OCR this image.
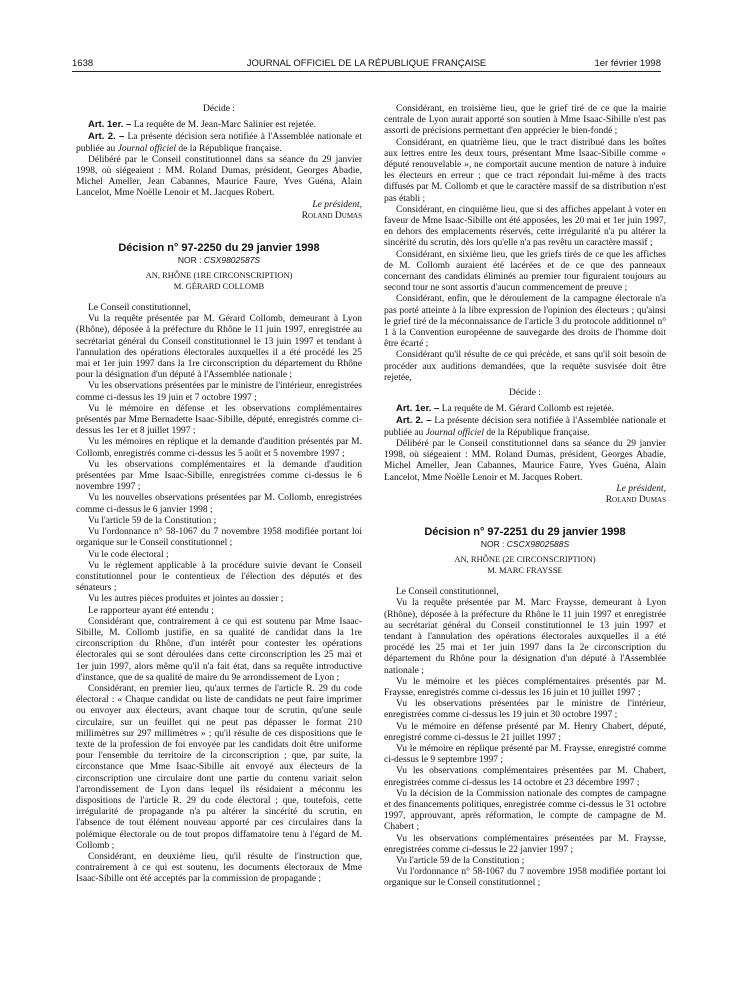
1638	JOURNAL OFFICIEL DE LA RÉPUBLIQUE FRANÇAISE	1er février 1998

Décide :

Art. 1er. – La requête de M. Jean-Marc Salinier est rejetée.

Art. 2. – La présente décision sera notifiée à l'Assemblée nationale et publiée au Journal officiel de la République française.

Délibéré par le Conseil constitutionnel dans sa séance du 29 janvier 1998, où siégeaient : MM. Roland Dumas, président, Georges Abadie, Michel Ameller, Jean Cabannes, Maurice Faure, Yves Guéna, Alain Lancelot, Mme Noëlle Lenoir et M. Jacques Robert.

Le président,

Roland Dumas

Décision n° 97-2250 du 29 janvier 1998

NOR : CSX9802587S

AN, RHÔNE (1RE CIRCONSCRIPTION)

M. GÉRARD COLLOMB

Le Conseil constitutionnel,

Vu la requête présentée par M. Gérard Collomb, demeurant à Lyon (Rhône), déposée à la préfecture du Rhône le 11 juin 1997, enregistrée au secrétariat général du Conseil constitutionnel le 13 juin 1997 et tendant à l'annulation des opérations électorales auxquelles il a été procédé les 25 mai et 1er juin 1997 dans la 1re circonscription du département du Rhône pour la désignation d'un député à l'Assemblée nationale ;

Vu les observations présentées par le ministre de l'intérieur, enregistrées comme ci-dessus les 19 juin et 7 octobre 1997 ;

Vu le mémoire en défense et les observations complémentaires présentés par Mme Bernadette Isaac-Sibille, député, enregistrés comme ci-dessus les 1er et 8 juillet 1997 ;

Vu les mémoires en réplique et la demande d'audition présentés par M. Collomb, enregistrés comme ci-dessus les 5 août et 5 novembre 1997 ;

Vu les observations complémentaires et la demande d'audition présentées par Mme Isaac-Sibille, enregistrées comme ci-dessus le 6 novembre 1997 ;

Vu les nouvelles observations présentées par M. Collomb, enregistrées comme ci-dessus le 6 janvier 1998 ;

Vu l'article 59 de la Constitution ;

Vu l'ordonnance n° 58-1067 du 7 novembre 1958 modifiée portant loi organique sur le Conseil constitutionnel ;

Vu le code électoral ;

Vu le règlement applicable à la procédure suivie devant le Conseil constitutionnel pour le contentieux de l'élection des députés et des sénateurs ;

Vu les autres pièces produites et jointes au dossier ;

Le rapporteur ayant été entendu ;

Considérant que, contrairement à ce qui est soutenu par Mme Isaac-Sibille, M. Collomb justifie, en sa qualité de candidat dans la 1re circonscription du Rhône, d'un intérêt pour contester les opérations électorales qui se sont déroulées dans cette circonscription les 25 mai et 1er juin 1997, alors même qu'il n'a fait état, dans sa requête introductive d'instance, que de sa qualité de maire du 9e arrondissement de Lyon ;

Considérant, en premier lieu, qu'aux termes de l'article R. 29 du code électoral : « Chaque candidat ou liste de candidats ne peut faire imprimer ou envoyer aux électeurs, avant chaque tour de scrutin, qu'une seule circulaire, sur un feuillet qui ne peut pas dépasser le format 210 millimètres sur 297 millimètres » ; qu'il résulte de ces dispositions que le texte de la profession de foi envoyée par les candidats doit être uniforme pour l'ensemble du territoire de la circonscription ; que, par suite, la circonstance que Mme Isaac-Sibille ait envoyé aux électeurs de la circonscription une circulaire dont une partie du contenu variait selon l'arrondissement de Lyon dans lequel ils résidaient a méconnu les dispositions de l'article R. 29 du code électoral ; que, toutefois, cette irrégularité de propagande n'a pu altérer la sincérité du scrutin, en l'absence de tout élément nouveau apporté par ces circulaires dans la polémique électorale ou de tout propos diffamatoire tenu à l'égard de M. Collomb ;

Considérant, en deuxième lieu, qu'il résulte de l'instruction que, contrairement à ce qui est soutenu, les documents électoraux de Mme Isaac-Sibille ont été acceptés par la commission de propagande ;

Considérant, en troisième lieu, que le grief tiré de ce que la mairie centrale de Lyon aurait apporté son soutien à Mme Isaac-Sibille n'est pas assorti de précisions permettant d'en apprécier le bien-fondé ;

Considérant, en quatrième lieu, que le tract distribué dans les boîtes aux lettres entre les deux tours, présentant Mme Isaac-Sibille comme « député renouvelable », ne comportait aucune mention de nature à induire les électeurs en erreur ; que ce tract répondait lui-même à des tracts diffusés par M. Collomb et que le caractère massif de sa distribution n'est pas établi ;

Considérant, en cinquième lieu, que si des affiches appelant à voter en faveur de Mme Isaac-Sibille ont été apposées, les 20 mai et 1er juin 1997, en dehors des emplacements réservés, cette irrégularité n'a pu altérer la sincérité du scrutin, dès lors qu'elle n'a pas revêtu un caractère massif ;

Considérant, en sixième lieu, que les griefs tirés de ce que les affiches de M. Collomb auraient été lacérées et de ce que des panneaux concernant des candidats éliminés au premier tour figuraient toujours au second tour ne sont assortis d'aucun commencement de preuve ;

Considérant, enfin, que le déroulement de la campagne électorale n'a pas porté atteinte à la libre expression de l'opinion des électeurs ; qu'ainsi le grief tiré de la méconnaissance de l'article 3 du protocole additionnel n° 1 à la Convention européenne de sauvegarde des droits de l'homme doit être écarté ;

Considérant qu'il résulte de ce qui précède, et sans qu'il soit besoin de procéder aux auditions demandées, que la requête susvisée doit être rejetée,

Décide :

Art. 1er. – La requête de M. Gérard Collomb est rejetée.

Art. 2. – La présente décision sera notifiée à l'Assemblée nationale et publiée au Journal officiel de la République française.

Délibéré par le Conseil constitutionnel dans sa séance du 29 janvier 1998, où siégeaient : MM. Roland Dumas, président, Georges Abadie, Michel Ameller, Jean Cabannes, Maurice Faure, Yves Guéna, Alain Lancelot, Mme Noëlle Lenoir et M. Jacques Robert.

Le président,

Roland Dumas

Décision n° 97-2251 du 29 janvier 1998

NOR : CSCX9802588S

AN, RHÔNE (2E CIRCONSCRIPTION)

M. MARC FRAYSSE

Le Conseil constitutionnel,

Vu la requête présentée par M. Marc Fraysse, demeurant à Lyon (Rhône), déposée à la préfecture du Rhône le 11 juin 1997 et enregistrée au secrétariat général du Conseil constitutionnel le 13 juin 1997 et tendant à l'annulation des opérations électorales auxquelles il a été procédé les 25 mai et 1er juin 1997 dans la 2e circonscription du département du Rhône pour la désignation d'un député à l'Assemblée nationale ;

Vu le mémoire et les pièces complémentaires présentés par M. Fraysse, enregistrés comme ci-dessus les 16 juin et 10 juillet 1997 ;

Vu les observations présentées par le ministre de l'intérieur, enregistrées comme ci-dessus les 19 juin et 30 octobre 1997 ;

Vu le mémoire en défense présenté par M. Henry Chabert, député, enregistré comme ci-dessus le 21 juillet 1997 ;

Vu le mémoire en réplique présenté par M. Fraysse, enregistré comme ci-dessus le 9 septembre 1997 ;

Vu les observations complémentaires présentées par M. Chabert, enregistrées comme ci-dessus les 14 octobre et 23 décembre 1997 ;

Vu la décision de la Commission nationale des comptes de campagne et des financements politiques, enregistrée comme ci-dessus le 31 octobre 1997, approuvant, après réformation, le compte de campagne de M. Chabert ;

Vu les observations complémentaires présentées par M. Fraysse, enregistrées comme ci-dessus le 22 janvier 1997 ;

Vu l'article 59 de la Constitution ;

Vu l'ordonnance n° 58-1067 du 7 novembre 1958 modifiée portant loi organique sur le Conseil constitutionnel ;
